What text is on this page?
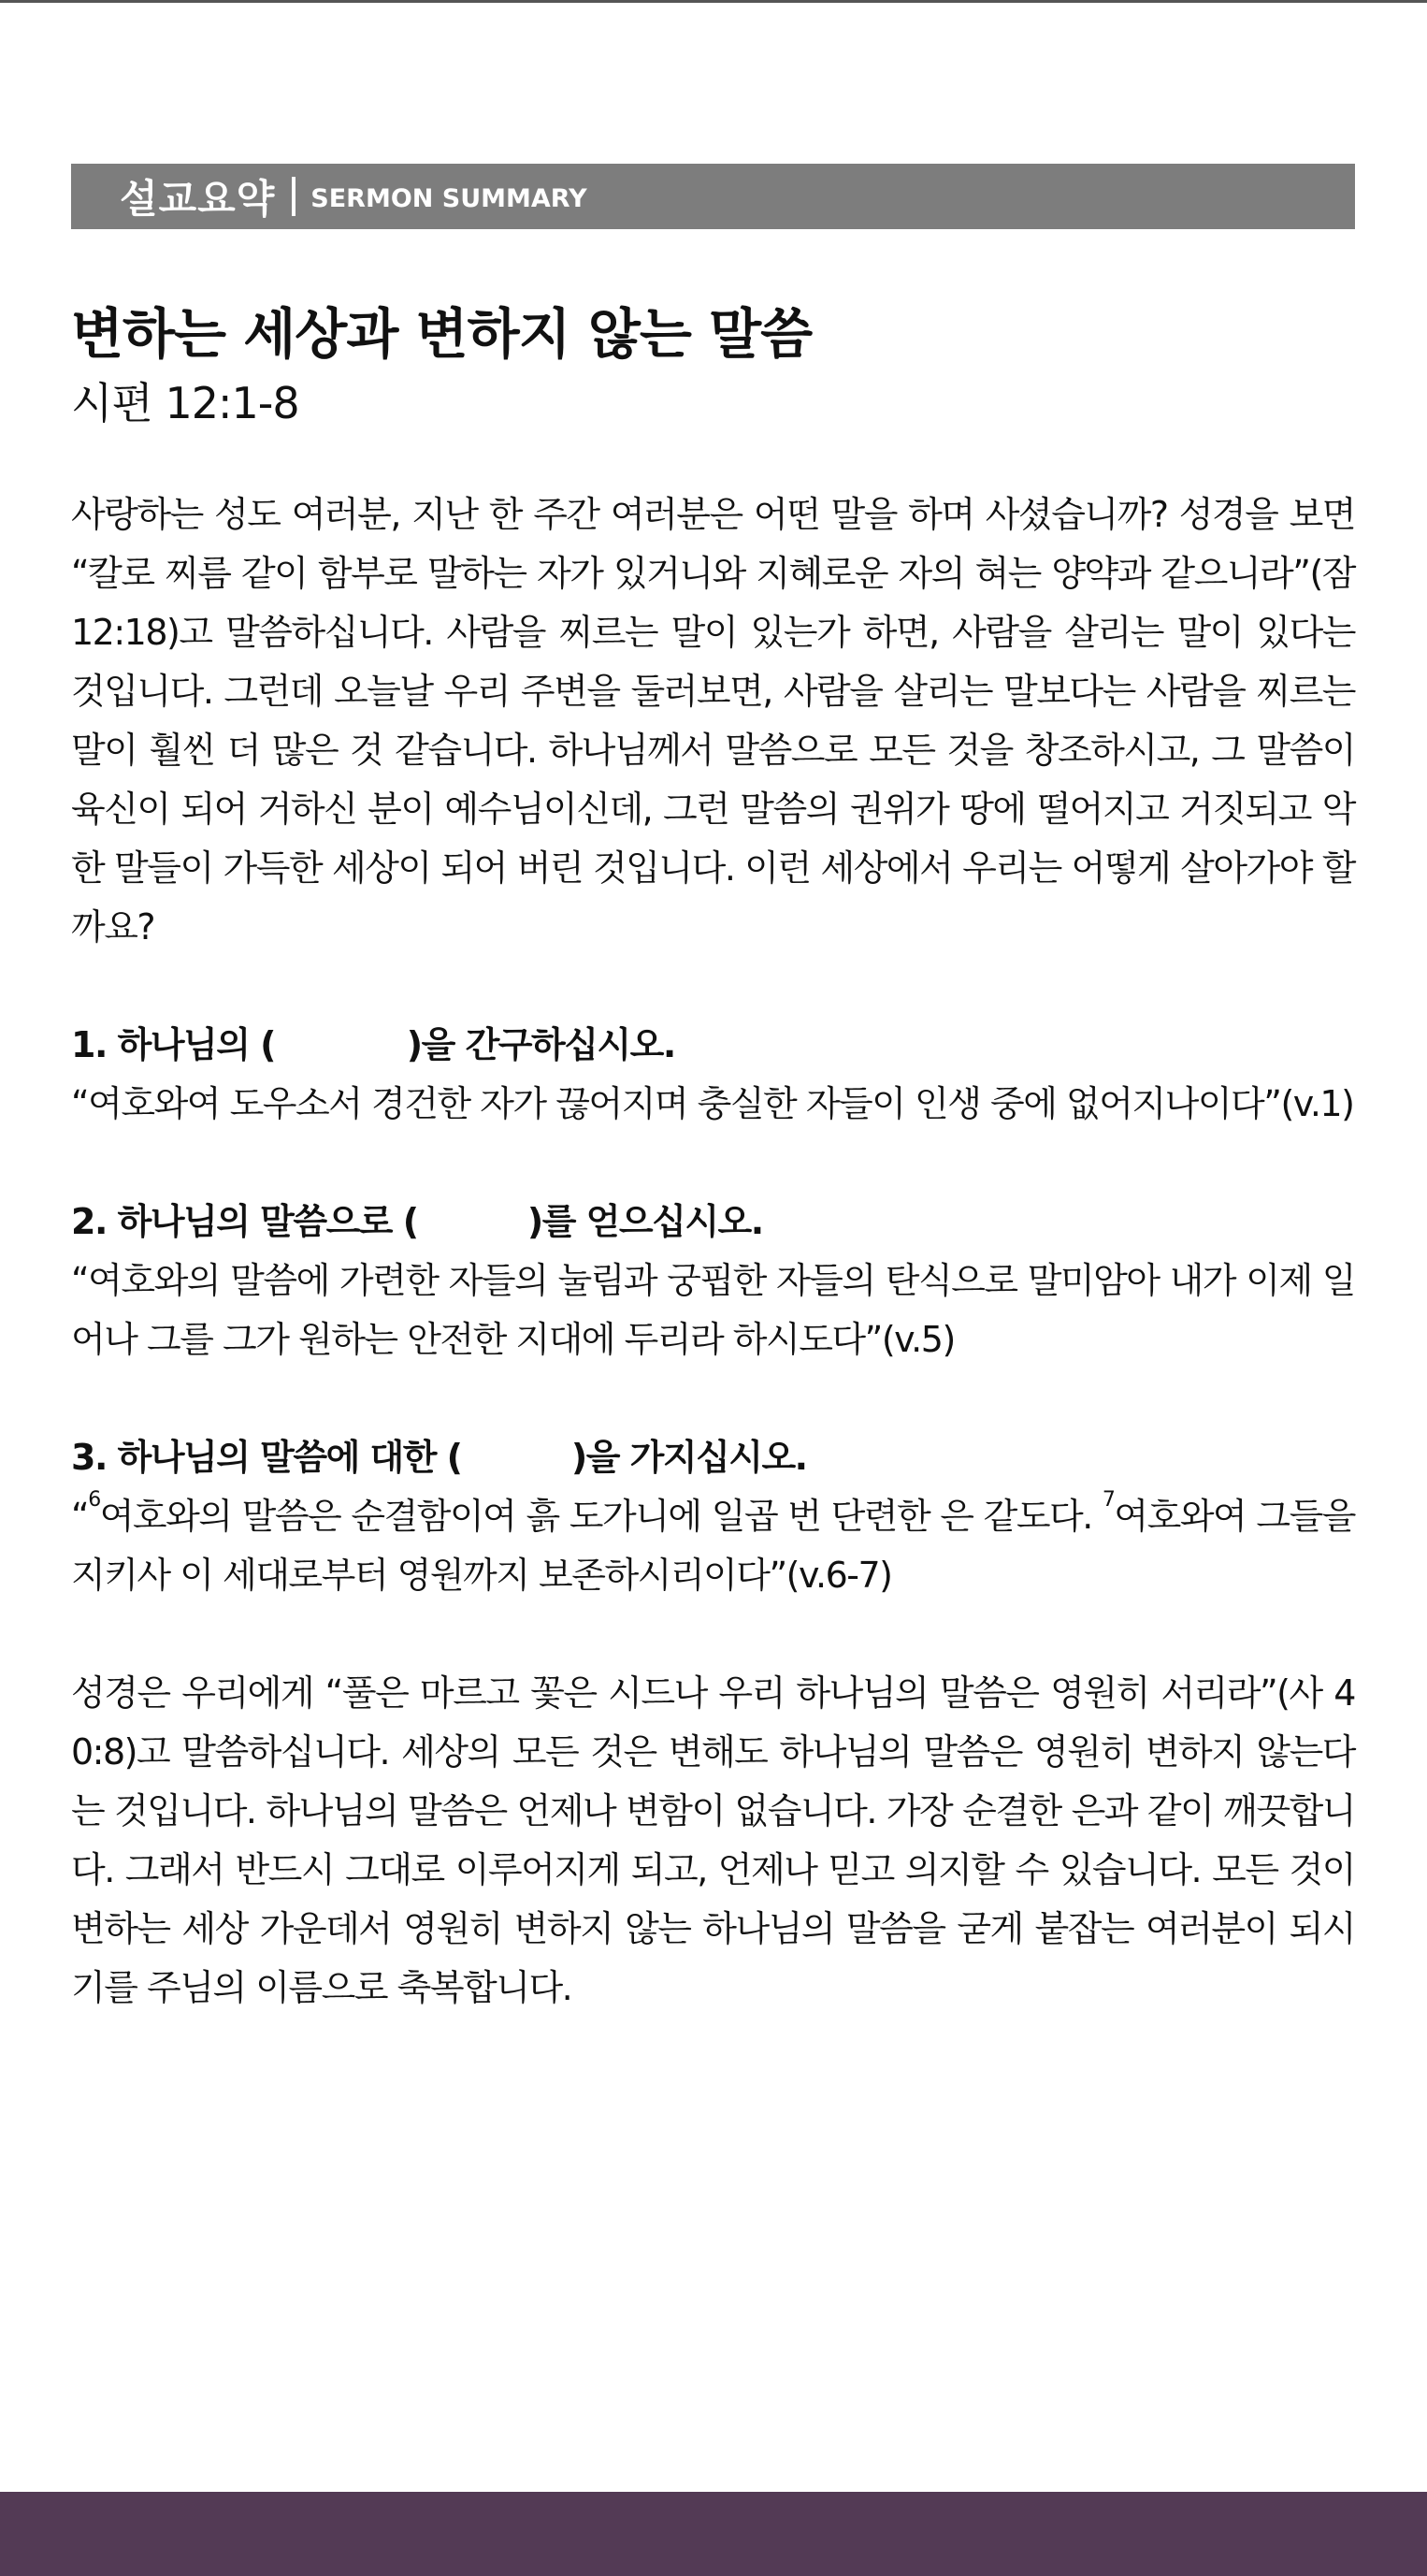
설교요약 SERMON SUMMARY
변하는 세상과 변하지 않는 말씀

시편 12:1-8

사랑하는 성도 여러분, 지난 한 주간 여러분은 어떤 말을 하며 사셨습니까? 성경을 보면 “칼로 찌름 같이 함부로 말하는 자가 있거니와 지혜로운 자의 혀는 양약과 같으니라”(잠 12:18)고 말씀하십니다. 사람을 찌르는 말이 있는가 하면, 사람을 살리는 말이 있다는 것입니다. 그런데 오늘날 우리 주변을 둘러보면, 사람을 살리는 말보다는 사람을 찌르는 말이 훨씬 더 많은 것 같습니다. 하나님께서 말씀으로 모든 것을 창조하시고, 그 말씀이 육신이 되어 거하신 분이 예수님이신데, 그런 말씀의 권위가 땅에 떨어지고 거짓되고 악한 말들이 가득한 세상이 되어 버린 것입니다. 이런 세상에서 우리는 어떻게 살아가야 할까요?

1. 하나님의 (            )을 간구하십시오.

“여호와여 도우소서 경건한 자가 끊어지며 충실한 자들이 인생 중에 없어지나이다”(v.1)

2. 하나님의 말씀으로 (          )를 얻으십시오.

“여호와의 말씀에 가련한 자들의 눌림과 궁핍한 자들의 탄식으로 말미암아 내가 이제 일어나 그를 그가 원하는 안전한 지대에 두리라 하시도다”(v.5)

3. 하나님의 말씀에 대한 (          )을 가지십시오.

“$^6$여호와의 말씀은 순결함이여 흙 도가니에 일곱 번 단련한 은 같도다. $^7$여호와여 그들을 지키사 이 세대로부터 영원까지 보존하시리이다”(v.6-7)

성경은 우리에게 “풀은 마르고 꽃은 시드나 우리 하나님의 말씀은 영원히 서리라”(사 40:8)고 말씀하십니다. 세상의 모든 것은 변해도 하나님의 말씀은 영원히 변하지 않는다는 것입니다. 하나님의 말씀은 언제나 변함이 없습니다. 가장 순결한 은과 같이 깨끗합니다. 그래서 반드시 그대로 이루어지게 되고, 언제나 믿고 의지할 수 있습니다. 모든 것이 변하는 세상 가운데서 영원히 변하지 않는 하나님의 말씀을 굳게 붙잡는 여러분이 되시기를 주님의 이름으로 축복합니다.
